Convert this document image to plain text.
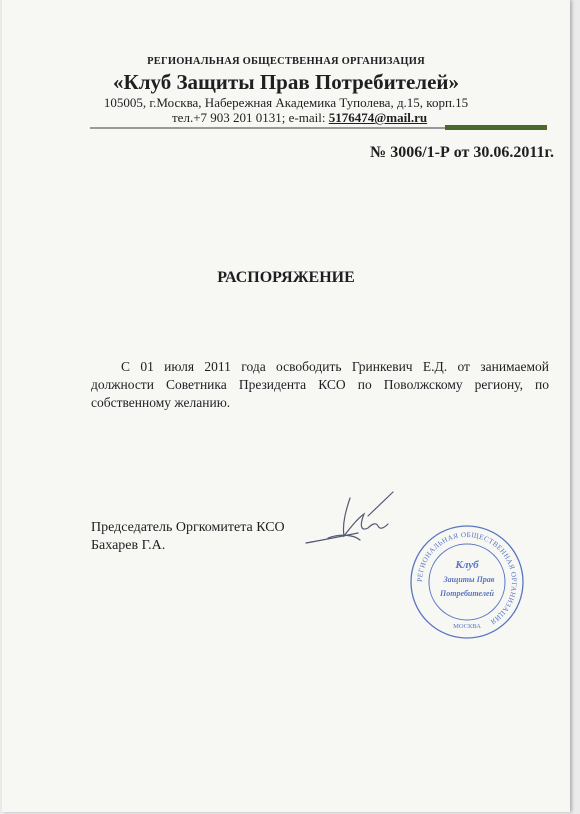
РЕГИОНАЛЬНАЯ ОБЩЕСТВЕННАЯ ОРГАНИЗАЦИЯ
«Клуб Защиты Прав Потребителей»
105005, г.Москва, Набережная Академика Туполева, д.15, корп.15
тел.+7 903 201 0131; e-mail: 5176474@mail.ru
№ 3006/1-Р от 30.06.2011г.
РАСПОРЯЖЕНИЕ
С 01 июля 2011 года освободить Гринкевич Е.Д. от занимаемой должности Советника Президента КСО по Поволжскому региону, по собственному желанию.
Председатель Оргкомитета КСО
Бахарев Г.А.
РЕГИОНАЛЬНАЯ ОБЩЕСТВЕННАЯ ОРГАНИЗАЦИЯ
МОСКВА
Клуб
Защиты Прав
Потребителей
